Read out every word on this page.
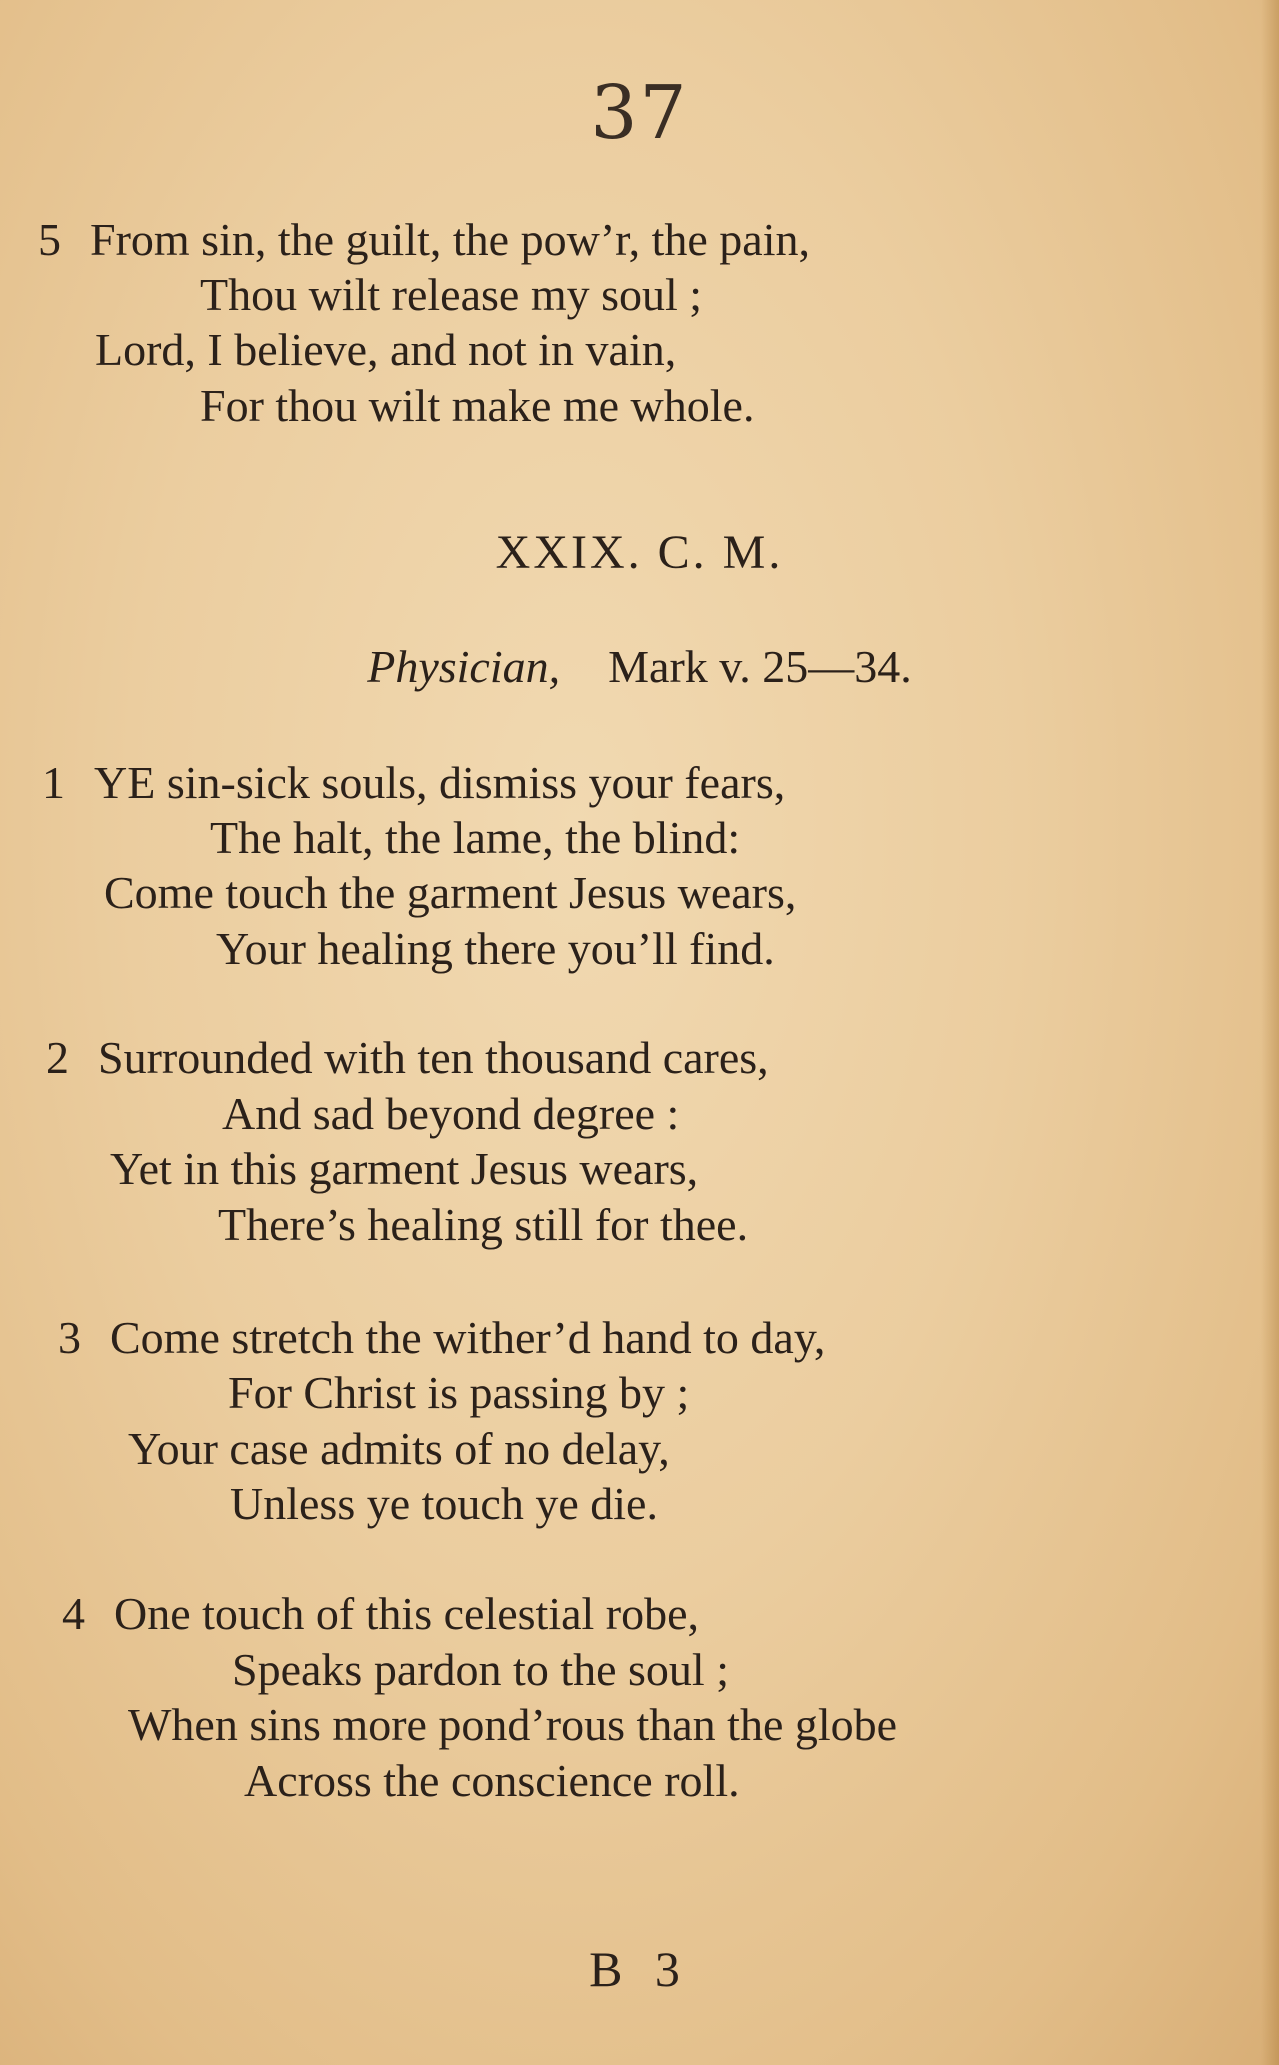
37
5 From sin, the guilt, the pow’r, the pain,
Thou wilt release my soul ;
Lord, I believe, and not in vain,
For thou wilt make me whole.
XXIX. C. M.
Physician, Mark v. 25—34.
1 YE sin-sick souls, dismiss your fears,
The halt, the lame, the blind:
Come touch the garment Jesus wears,
Your healing there you’ll find.
2 Surrounded with ten thousand cares,
And sad beyond degree :
Yet in this garment Jesus wears,
There’s healing still for thee.
3 Come stretch the wither’d hand to day,
For Christ is passing by ;
Your case admits of no delay,
Unless ye touch ye die.
4 One touch of this celestial robe,
Speaks pardon to the soul ;
When sins more pond’rous than the globe
Across the conscience roll.
B 3
